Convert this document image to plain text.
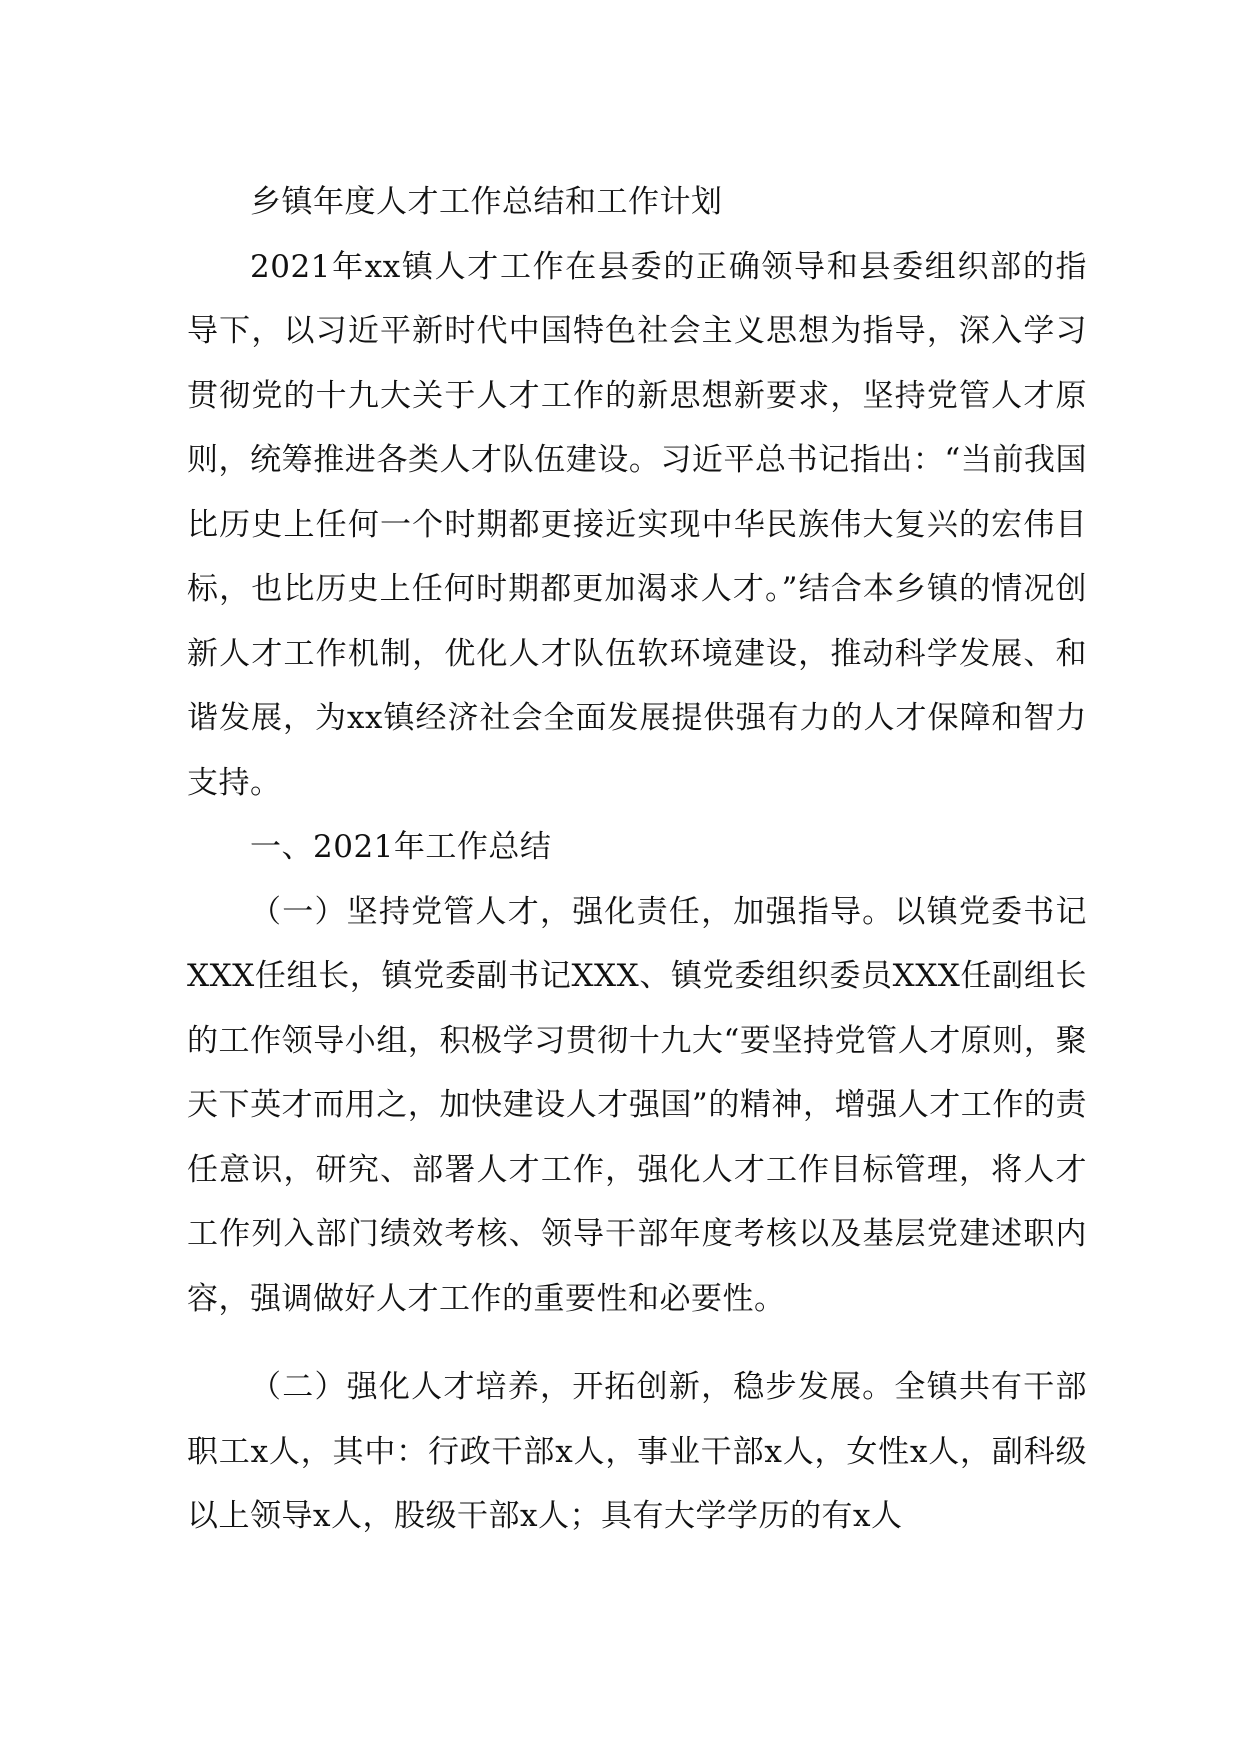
乡镇年度人才工作总结和工作计划

2021年xx镇人才工作在县委的正确领导和县委组织部的指导下，以习近平新时代中国特色社会主义思想为指导，深入学习贯彻党的十九大关于人才工作的新思想新要求，坚持党管人才原则，统筹推进各类人才队伍建设。习近平总书记指出：“当前我国比历史上任何一个时期都更接近实现中华民族伟大复兴的宏伟目标，也比历史上任何时期都更加渴求人才。”结合本乡镇的情况创新人才工作机制，优化人才队伍软环境建设，推动科学发展、和谐发展，为xx镇经济社会全面发展提供强有力的人才保障和智力支持。

一、2021年工作总结

（一）坚持党管人才，强化责任，加强指导。以镇党委书记XXX任组长，镇党委副书记XXX、镇党委组织委员XXX任副组长的工作领导小组，积极学习贯彻十九大“要坚持党管人才原则，聚天下英才而用之，加快建设人才强国”的精神，增强人才工作的责任意识，研究、部署人才工作，强化人才工作目标管理，将人才工作列入部门绩效考核、领导干部年度考核以及基层党建述职内容，强调做好人才工作的重要性和必要性。

（二）强化人才培养，开拓创新，稳步发展。全镇共有干部职工x人，其中：行政干部x人，事业干部x人，女性x人，副科级以上领导x人，股级干部x人；具有大学学历的有x人
